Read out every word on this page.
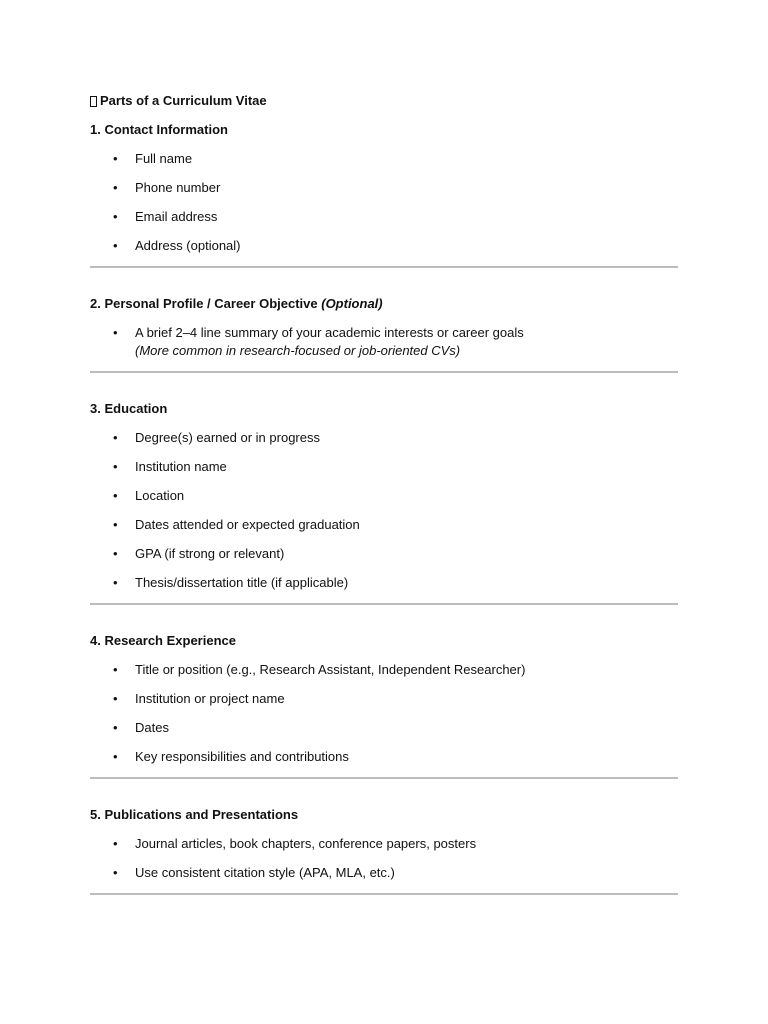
Parts of a Curriculum Vitae
1. Contact Information
• Full name
• Phone number
• Email address
• Address (optional)
2. Personal Profile / Career Objective (Optional)
• A brief 2–4 line summary of your academic interests or career goals
(More common in research-focused or job-oriented CVs)
3. Education
• Degree(s) earned or in progress
• Institution name
• Location
• Dates attended or expected graduation
• GPA (if strong or relevant)
• Thesis/dissertation title (if applicable)
4. Research Experience
• Title or position (e.g., Research Assistant, Independent Researcher)
• Institution or project name
• Dates
• Key responsibilities and contributions
5. Publications and Presentations
• Journal articles, book chapters, conference papers, posters
• Use consistent citation style (APA, MLA, etc.)
